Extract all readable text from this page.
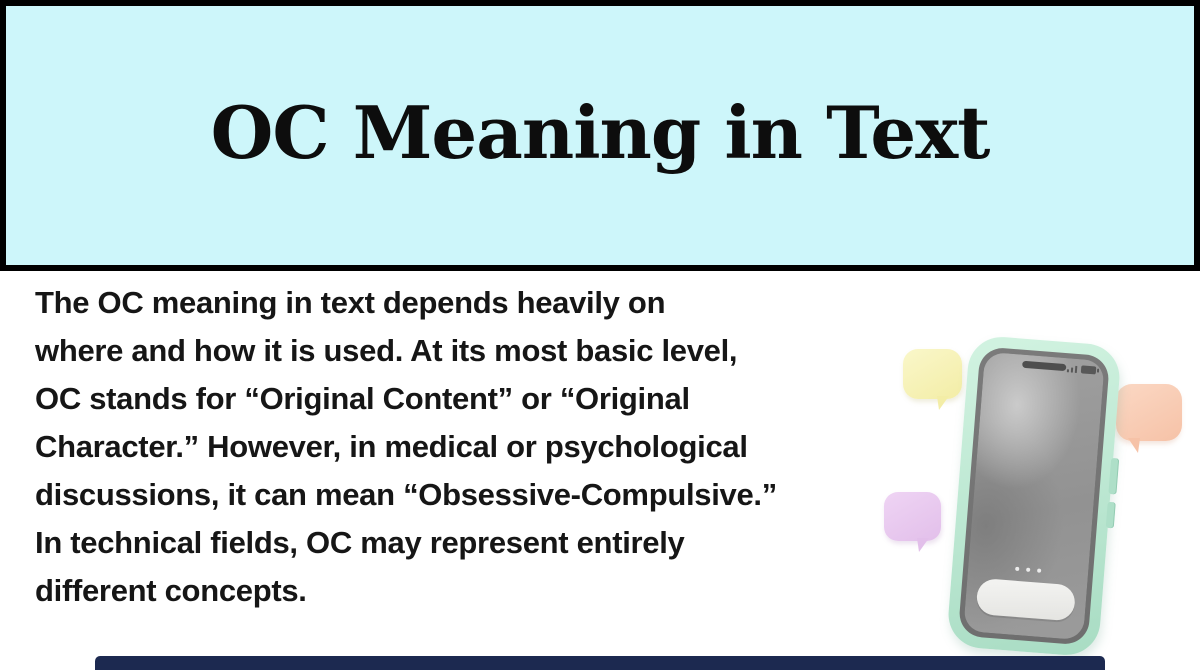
OC Meaning in Text
The OC meaning in text depends heavily on
where and how it is used. At its most basic level,
OC stands for “Original Content” or “Original
Character.” However, in medical or psychological
discussions, it can mean “Obsessive-Compulsive.”
In technical fields, OC may represent entirely
different concepts.
